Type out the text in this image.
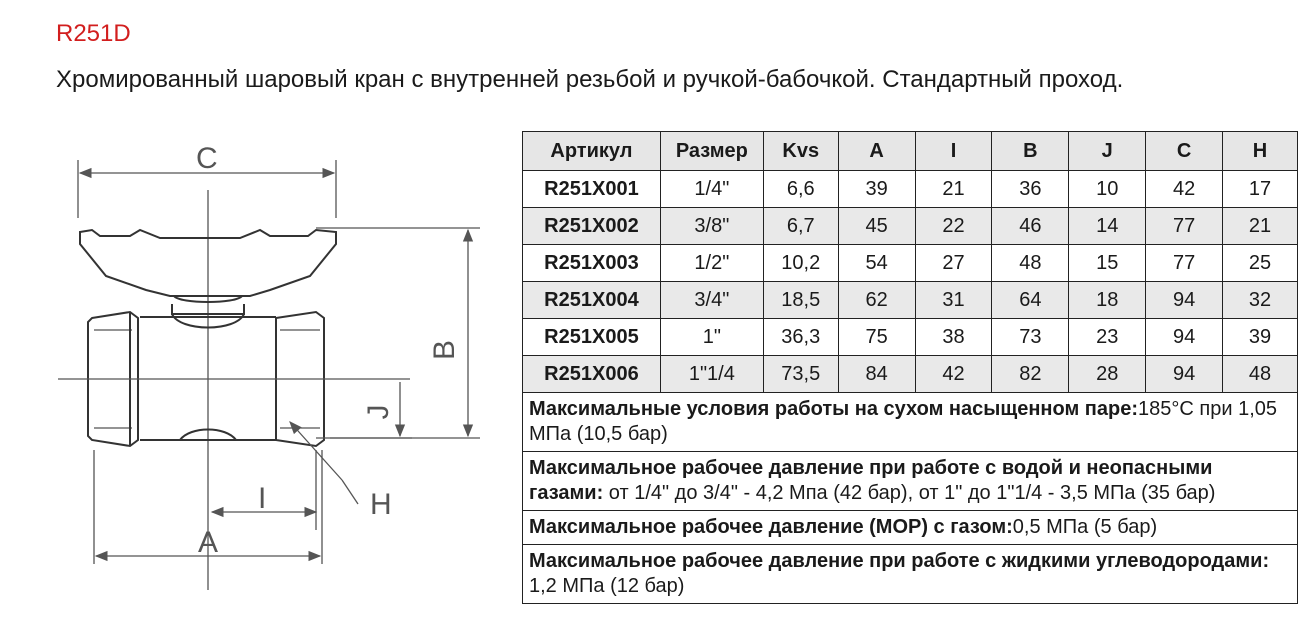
R251D
Хромированный шаровый кран с внутренней резьбой и ручкой-бабочкой. Стандартный проход.
C
B
J
I
A
H
Артикул	Размер	Kvs	A	I	B	J	C	H
R251X001	1/4"	6,6	39	21	36	10	42	17
R251X002	3/8"	6,7	45	22	46	14	77	21
R251X003	1/2"	10,2	54	27	48	15	77	25
R251X004	3/4"	18,5	62	31	64	18	94	32
R251X005	1"	36,3	75	38	73	23	94	39
R251X006	1"1/4	73,5	84	42	82	28	94	48
Максимальные условия работы на сухом насыщенном паре:185°C при 1,05 МПа (10,5 бар)								
Максимальное рабочее давление при работе с водой и неопасными газами: от 1/4" до 3/4" - 4,2 Мпа (42 бар), от 1" до 1"1/4 - 3,5 МПа (35 бар)								
Максимальное рабочее давление (МОР) с газом:0,5 МПа (5 бар)								
Максимальное рабочее давление при работе с жидкими углеводородами: 1,2 МПа (12 бар)								
